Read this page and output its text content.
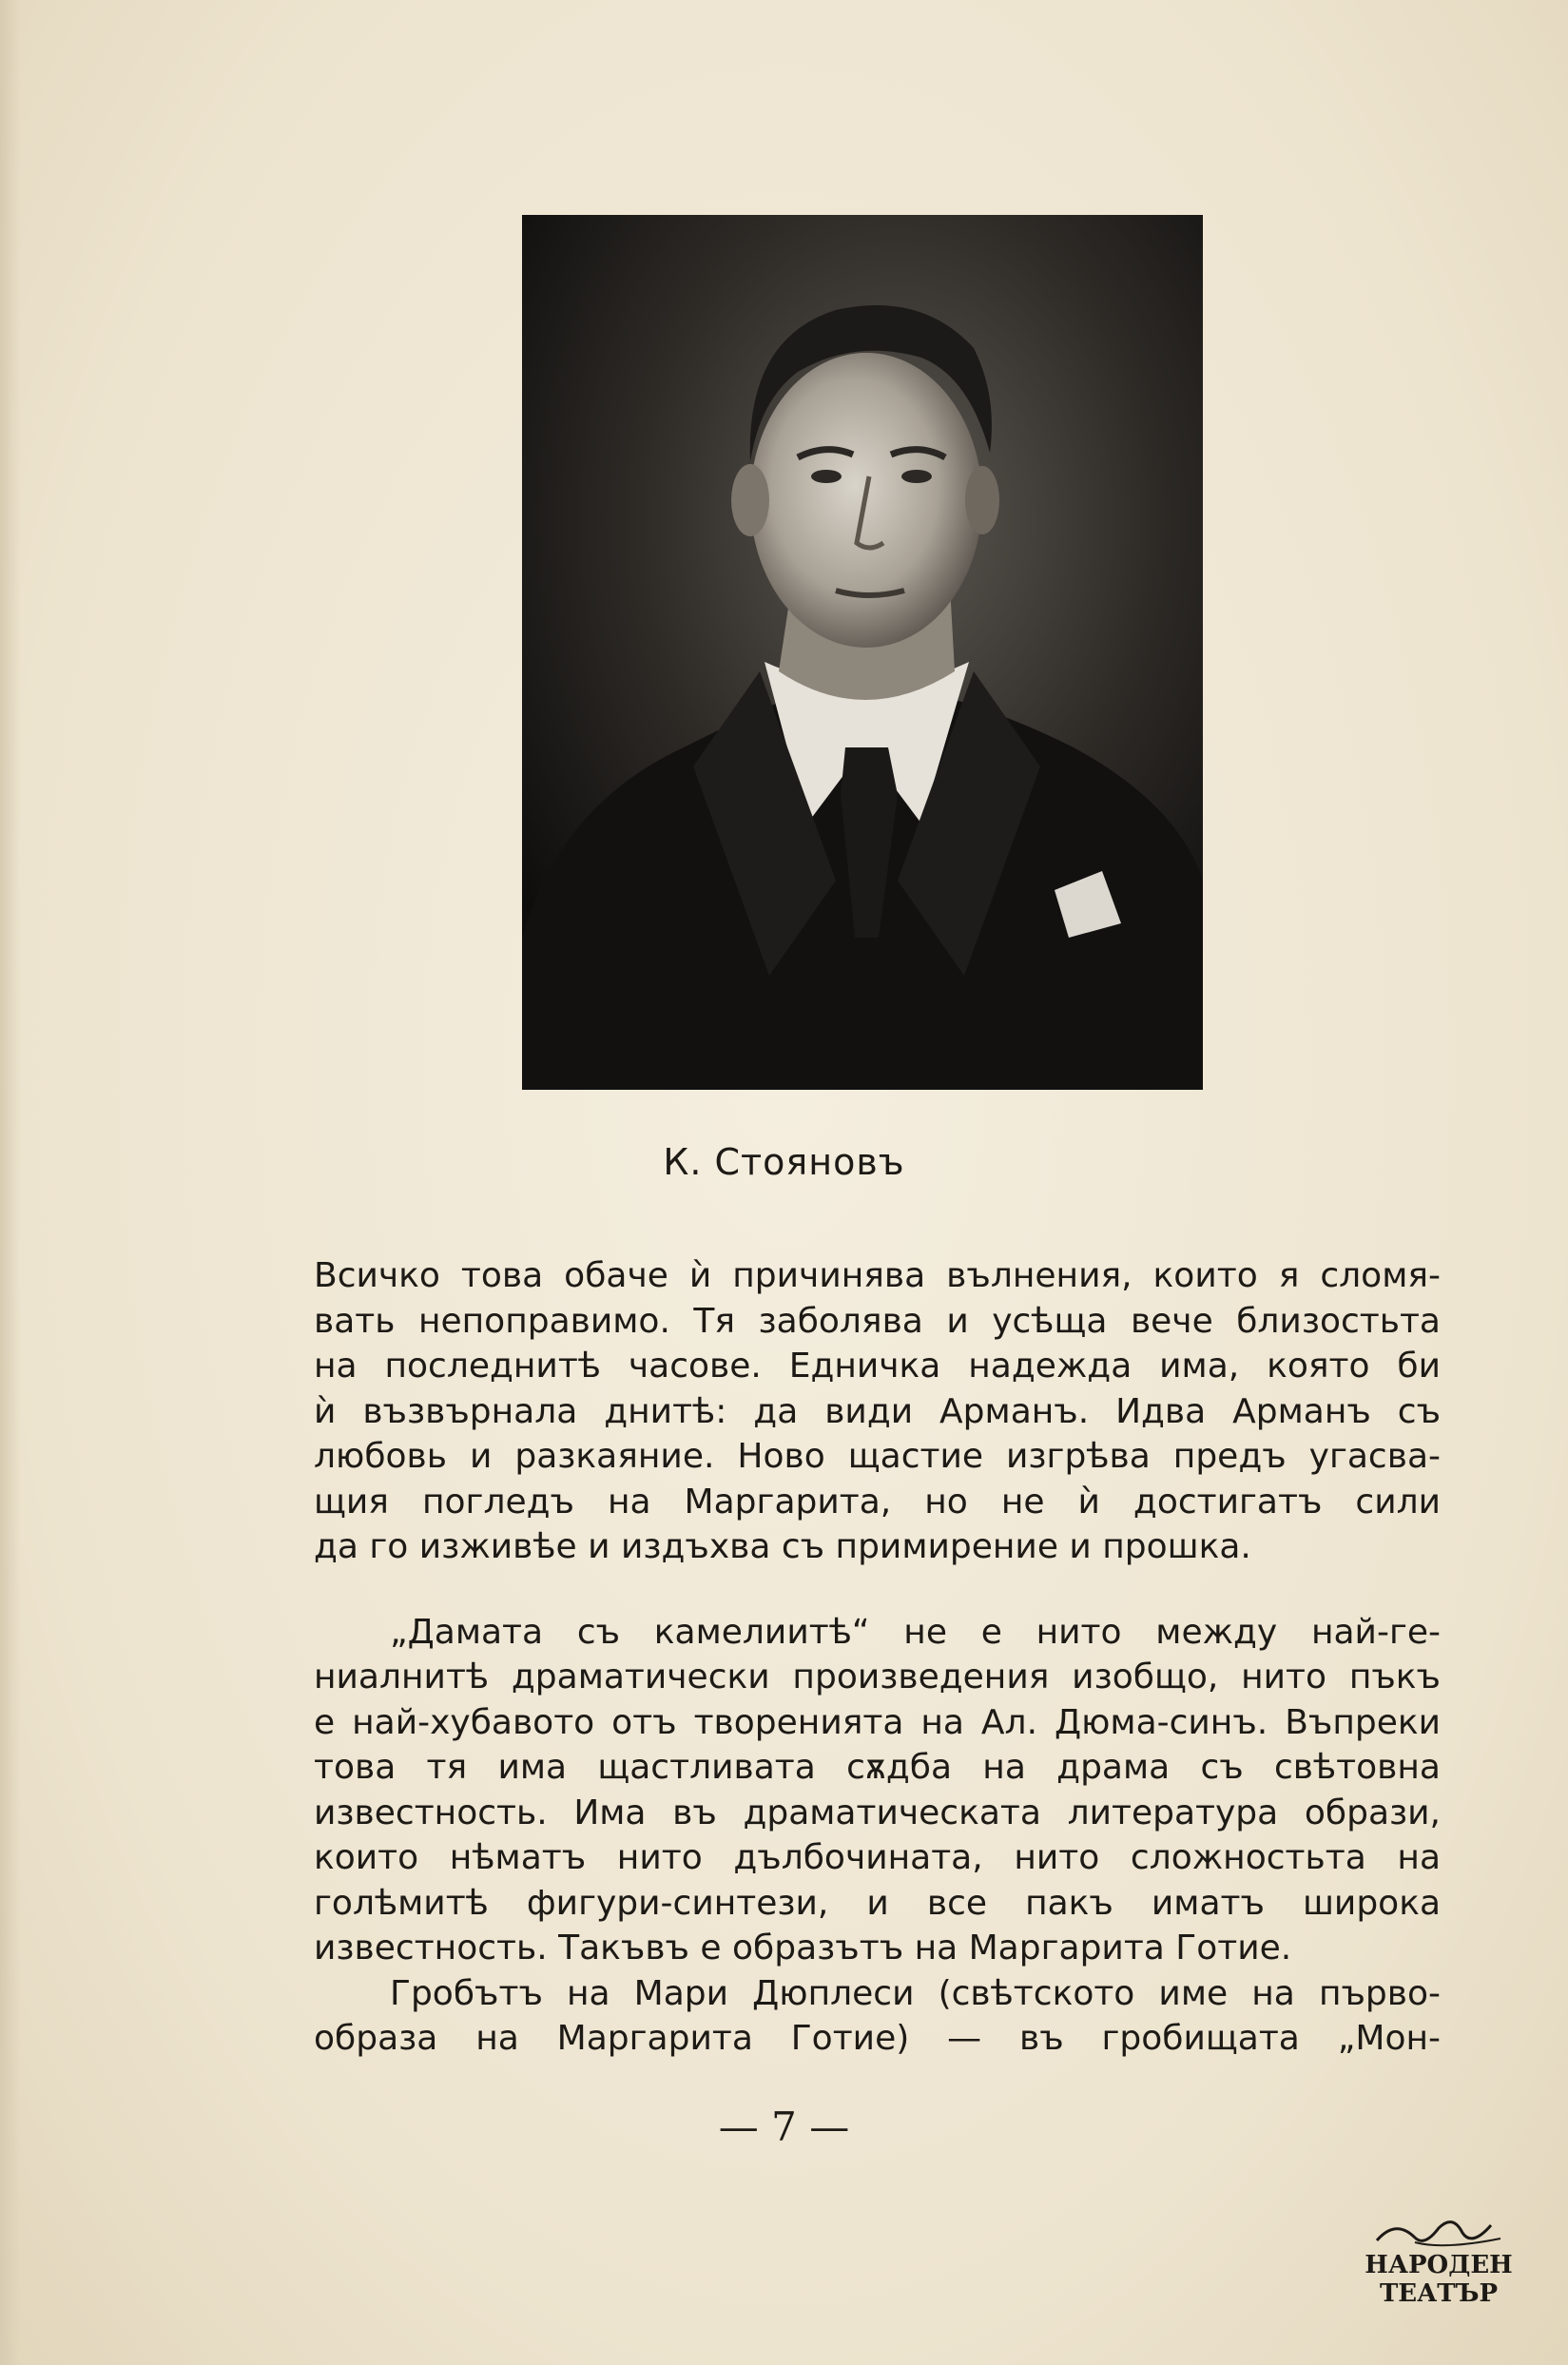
К. Стояновъ

Всичко това обаче ѝ причинява вълнения, които я сломя-
вать непоправимо. Тя заболява и усѣща вече близостьта
на последнитѣ часове. Едничка надежда има, която би
ѝ възвърнала днитѣ: да види Арманъ. Идва Арманъ съ
любовь и разкаяние. Ново щастие изгрѣва предъ угасва-
щия погледъ на Маргарита, но не ѝ достигатъ сили
да го изживѣе и издъхва съ примирение и прошка.

„Дамата съ камелиитѣ“ не е нито между най-ге-
ниалнитѣ драматически произведения изобщо, нито пъкъ
е най-хубавото отъ творенията на Ал. Дюма-синъ. Въпреки
това тя има щастливата сѫдба на драма съ свѣтовна
известность. Има въ драматическата литература образи,
които нѣматъ нито дълбочината, нито сложностьта на
голѣмитѣ фигури-синтези, и все пакъ иматъ широка
известность. Такъвъ е образътъ на Маргарита Готие.

Гробътъ на Мари Дюплеси (свѣтското име на първо-
образа на Маргарита Готие) — въ гробищата „Мон-

— 7 —
НАРОДЕН
ТЕАТЪР
